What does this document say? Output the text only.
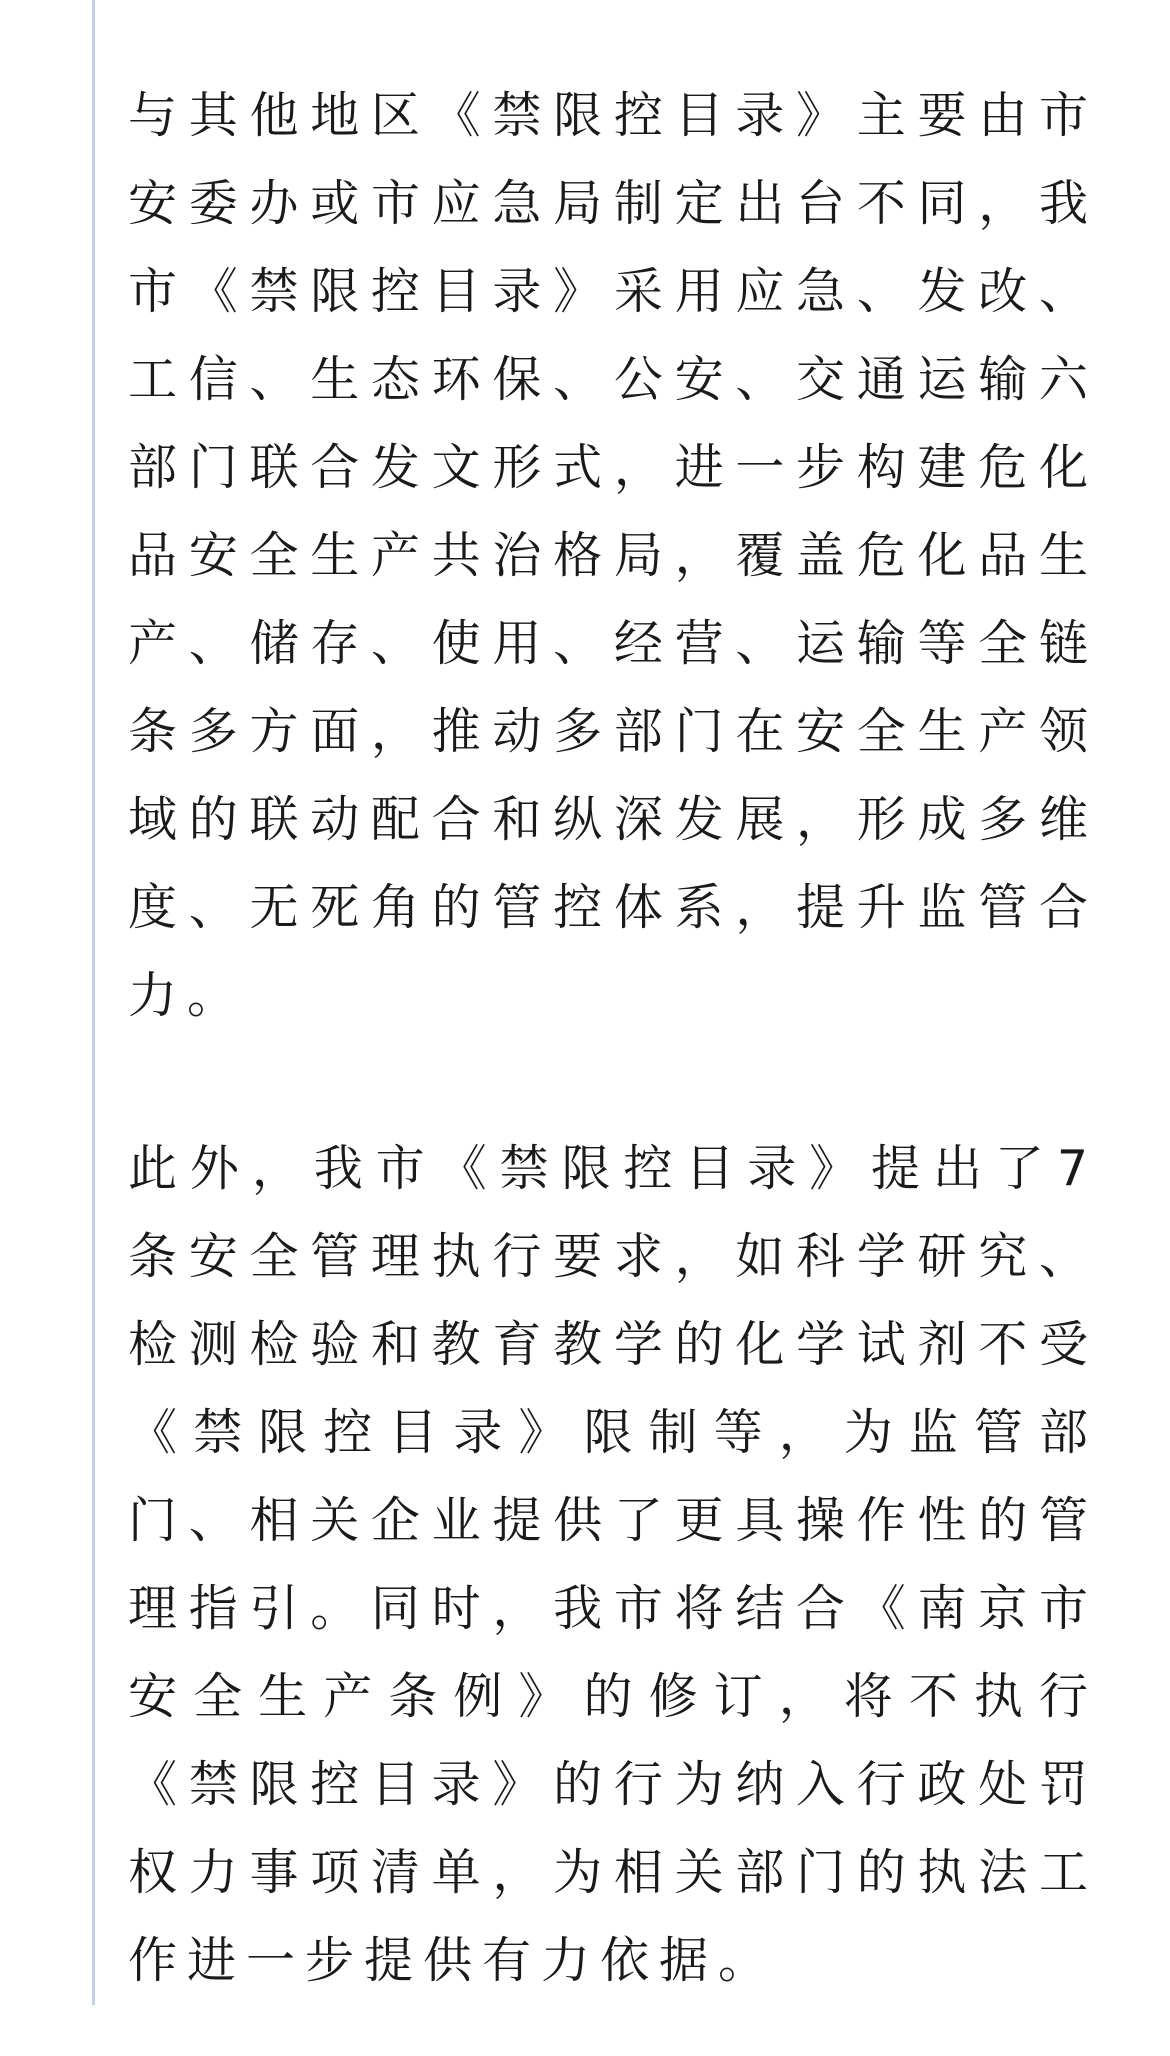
与其他地区《禁限控目录》主要由市安委办或市应急局制定出台不同，我市《禁限控目录》采用应急、发改、工信、生态环保、公安、交通运输六部门联合发文形式，进一步构建危化品安全生产共治格局，覆盖危化品生产、储存、使用、经营、运输等全链条多方面，推动多部门在安全生产领域的联动配合和纵深发展，形成多维度、无死角的管控体系，提升监管合力。

此外，我市《禁限控目录》提出了7条安全管理执行要求，如科学研究、检测检验和教育教学的化学试剂不受《禁限控目录》限制等，为监管部门、相关企业提供了更具操作性的管理指引。同时，我市将结合《南京市安全生产条例》的修订，将不执行《禁限控目录》的行为纳入行政处罚权力事项清单，为相关部门的执法工作进一步提供有力依据。
